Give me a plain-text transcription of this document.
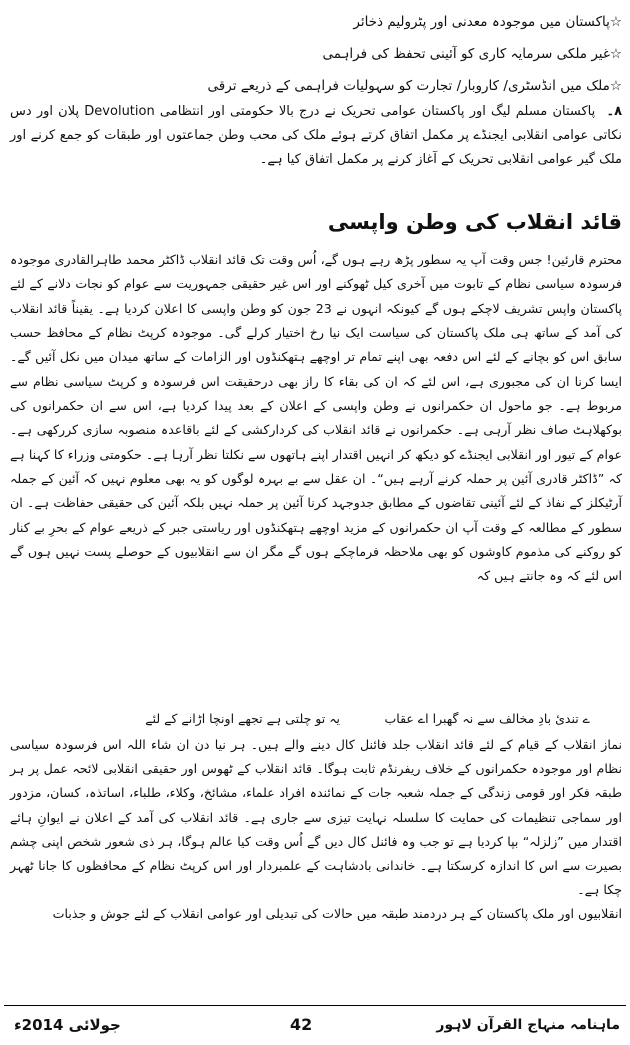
☆پاکستان میں موجودہ معدنی اور پٹرولیم ذخائر
☆غیر ملکی سرمایہ کاری کو آئینی تحفظ کی فراہمی
☆ملک میں انڈسٹری/ کاروبار/ تجارت کو سہولیات فراہمی کے ذریعے ترقی
۸۔ پاکستان مسلم لیگ اور پاکستان عوامی تحریک نے درج بالا حکومتی اور انتظامی Devolution پلان اور دس نکاتی عوامی انقلابی ایجنڈے پر مکمل اتفاق کرتے ہوئے ملک کی محب وطن جماعتوں اور طبقات کو جمع کرنے اور ملک گیر عوامی انقلابی تحریک کے آغاز کرنے پر مکمل اتفاق کیا ہے۔
قائد انقلاب کی وطن واپسی

محترم قارئین! جس وقت آپ یہ سطور پڑھ رہے ہوں گے، اُس وقت تک قائد انقلاب ڈاکٹر محمد طاہرالقادری موجودہ فرسودہ سیاسی نظام کے تابوت میں آخری کیل ٹھوکنے اور اس غیر حقیقی جمہوریت سے عوام کو نجات دلانے کے لئے پاکستان واپس تشریف لاچکے ہوں گے کیونکہ انہوں نے 23 جون کو وطن واپسی کا اعلان کردیا ہے۔ یقیناً قائد انقلاب کی آمد کے ساتھ ہی ملک پاکستان کی سیاست ایک نیا رخ اختیار کرلے گی۔ موجودہ کرپٹ نظام کے محافظ حسب سابق اس کو بچانے کے لئے اس دفعہ بھی اپنے تمام تر اوچھے ہتھکنڈوں اور الزامات کے ساتھ میدان میں نکل آئیں گے۔ ایسا کرنا ان کی مجبوری ہے، اس لئے کہ ان کی بقاء کا راز بھی درحقیقت اس فرسودہ و کرپٹ سیاسی نظام سے مربوط ہے۔ جو ماحول ان حکمرانوں نے وطن واپسی کے اعلان کے بعد پیدا کردیا ہے، اس سے ان حکمرانوں کی بوکھلاہٹ صاف نظر آرہی ہے۔ حکمرانوں نے قائد انقلاب کی کردارکشی کے لئے باقاعدہ منصوبہ سازی کررکھی ہے۔ عوام کے تیور اور انقلابی ایجنڈے کو دیکھ کر انہیں اقتدار اپنے ہاتھوں سے نکلتا نظر آرہا ہے۔ حکومتی وزراء کا کہنا ہے کہ ”ڈاکٹر قادری آئین پر حملہ کرنے آرہے ہیں“۔ ان عقل سے بے بہرہ لوگوں کو یہ بھی معلوم نہیں کہ آئین کے جملہ آرٹیکلز کے نفاذ کے لئے آئینی تقاضوں کے مطابق جدوجہد کرنا آئین پر حملہ نہیں بلکہ آئین کی حقیقی حفاظت ہے۔ ان سطور کے مطالعہ کے وقت آپ ان حکمرانوں کے مزید اوچھے ہتھکنڈوں اور ریاستی جبر کے ذریعے عوام کے بحرِ بے کنار کو روکنے کی مذموم کاوشوں کو بھی ملاحظہ فرماچکے ہوں گے مگر ان سے انقلابیوں کے حوصلے پست نہیں ہوں گے اس لئے کہ وہ جانتے ہیں کہ

ے تندیٔ بادِ مخالف سے نہ گھبرا اے عقاب
یہ تو چلتی ہے تجھے اونچا اڑانے کے لئے

نماز انقلاب کے قیام کے لئے قائد انقلاب جلد فائنل کال دینے والے ہیں۔ ہر نیا دن ان شاء اللہ اس فرسودہ سیاسی نظام اور موجودہ حکمرانوں کے خلاف ریفرنڈم ثابت ہوگا۔ قائد انقلاب کے ٹھوس اور حقیقی انقلابی لائحہ عمل پر ہر طبقہ فکر اور قومی زندگی کے جملہ شعبہ جات کے نمائندہ افراد علماء، مشائخ، وکلاء، طلباء، اساتذہ، کسان، مزدور اور سماجی تنظیمات کی حمایت کا سلسلہ نہایت تیزی سے جاری ہے۔ قائد انقلاب کی آمد کے اعلان نے ایوانِ ہائے اقتدار میں ”زلزلہ“ بپا کردیا ہے تو جب وہ فائنل کال دیں گے اُس وقت کیا عالم ہوگا، ہر ذی شعور شخص اپنی چشم بصیرت سے اس کا اندازہ کرسکتا ہے۔ خاندانی بادشاہت کے علمبردار اور اس کرپٹ نظام کے محافظوں کا جانا ٹھہر چکا ہے۔

انقلابیوں اور ملک پاکستان کے ہر دردمند طبقہ میں حالات کی تبدیلی اور عوامی انقلاب کے لئے جوش و جذبات

جولائی 2014ء	42	ماہنامہ منہاج القرآن لاہور
